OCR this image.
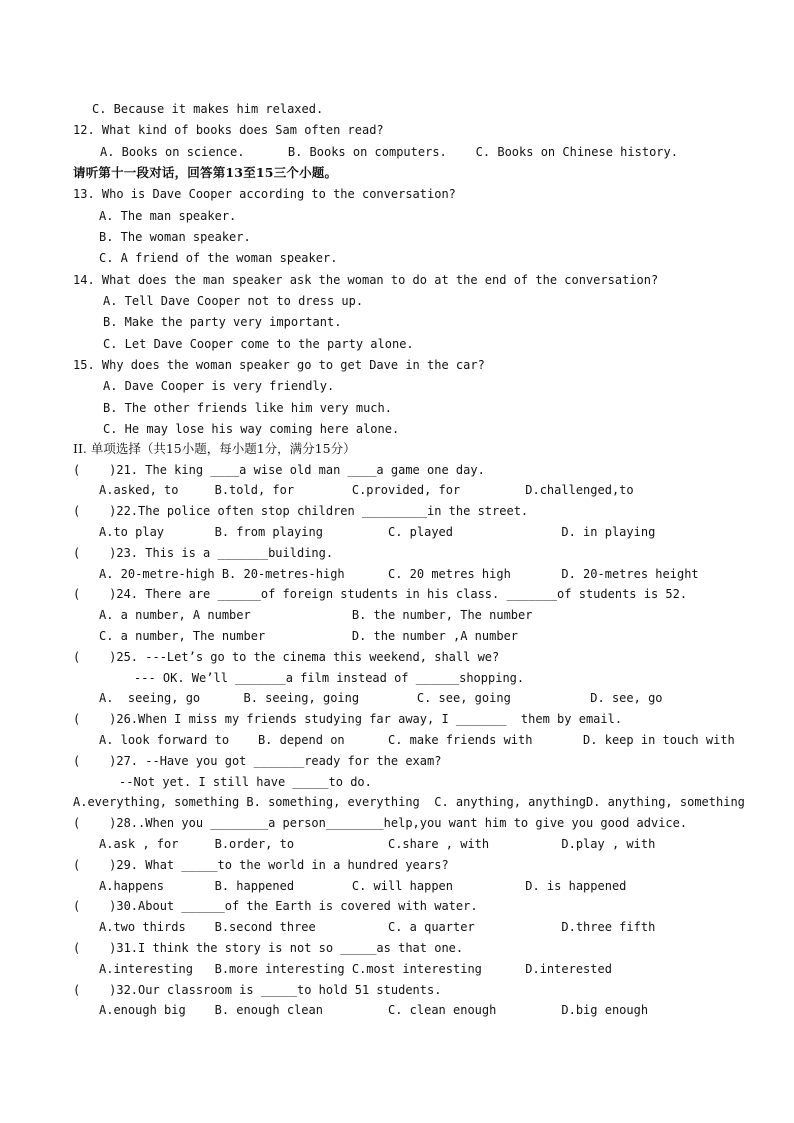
C. Because it makes him relaxed.
12. What kind of books does Sam often read?
A. Books on science.      B. Books on computers.    C. Books on Chinese history.
请听第十一段对话，回答第13至15三个小题。
13. Who is Dave Cooper according to the conversation?
A. The man speaker.
B. The woman speaker.
C. A friend of the woman speaker.
14. What does the man speaker ask the woman to do at the end of the conversation?
A. Tell Dave Cooper not to dress up.
B. Make the party very important.
C. Let Dave Cooper come to the party alone.
15. Why does the woman speaker go to get Dave in the car?
A. Dave Cooper is very friendly.
B. The other friends like him very much.
C. He may lose his way coming here alone.
II. 单项选择（共15小题，每小题1分，满分15分）
(    )21. The king ____a wise old man ____a game one day.
A.asked, to     B.told, for        C.provided, for         D.challenged,to
(    )22.The police often stop children _________in the street.
A.to play       B. from playing         C. played               D. in playing
(    )23. This is a _______building.
A. 20-metre-high B. 20-metres-high      C. 20 metres high       D. 20-metres height
(    )24. There are ______of foreign students in his class. _______of students is 52.
A. a number, A number              B. the number, The number
C. a number, The number            D. the number ,A number
(    )25. ---Let’s go to the cinema this weekend, shall we?
--- OK. We’ll _______a film instead of ______shopping.
A.  seeing, go      B. seeing, going        C. see, going           D. see, go
(    )26.When I miss my friends studying far away, I _______  them by email.
A. look forward to    B. depend on      C. make friends with       D. keep in touch with
(    )27. --Have you got _______ready for the exam?
--Not yet. I still have _____to do.
A.everything, something B. something, everything  C. anything, anythingD. anything, something
(    )28..When you ________a person________help,you want him to give you good advice.
A.ask , for     B.order, to             C.share , with          D.play , with
(    )29. What _____to the world in a hundred years?
A.happens       B. happened        C. will happen          D. is happened
(    )30.About ______of the Earth is covered with water.
A.two thirds    B.second three          C. a quarter            D.three fifth
(    )31.I think the story is not so _____as that one.
A.interesting   B.more interesting C.most interesting      D.interested
(    )32.Our classroom is _____to hold 51 students.
A.enough big    B. enough clean         C. clean enough         D.big enough
